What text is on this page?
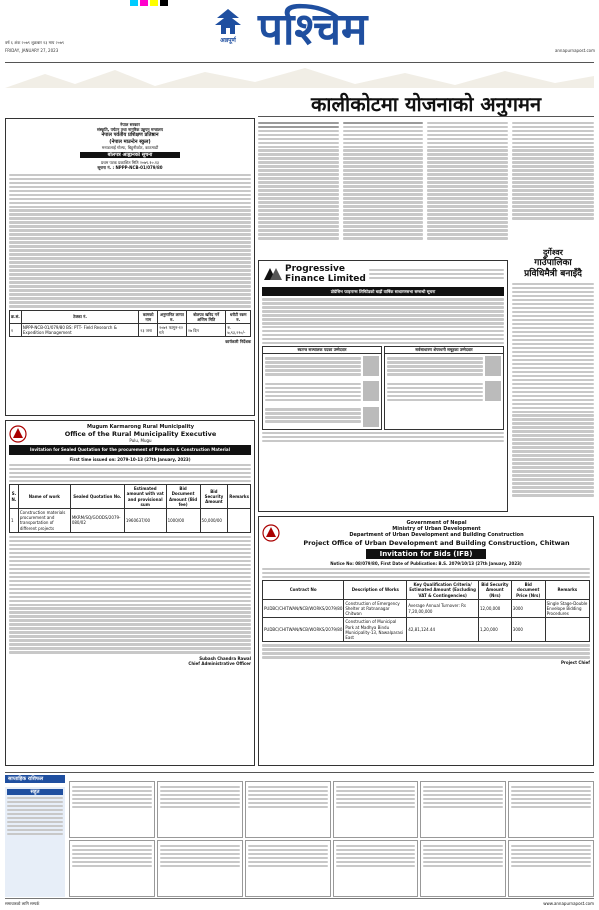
वर्ष ६ अंक २०७९ शुक्रबार १३ माघ २०७९
FRIDAY, JANUARY 27, 2023
अन्नपूर्ण पश्चिम	annapurnapost.com
कालीकोटमा योजनाको अनुगमन
नेपाल सरकार
संस्कृति, पर्यटन तथा नागरिक उड्डयन मन्त्रालय
नेपाल पर्वतीय प्रशिक्षण प्रतिष्ठान
(नेपाल माउन्टेन स्कुल)
मनाङलाई गोल्फ, बिहुनीकोट, काठमाडौं
बोलपत्र आह्वानको सूचना
प्रथम पटक प्रकाशित मिति २०७९.१०.१३
सूचना नं. : NPPP-NCB-01/079/80
क्र.सं.	ठेक्का नं.	कामको नाम	अनुमानित लागत रु.	बोलपत्र खरिद गर्ने अन्तिम मिति	धरौटी रकम रु.
१	NPPP-NCB-01/079/80 BS: PTT- Field Research & Expedition Management	२३ जना	२०७९ फागुन-१२ गते	२७ दिन	रु. ७,९३,२९०/-
कार्यकारी निर्देशक
दुर्गेश्वर
गाउँपालिका
प्रविधिमैत्री बनाइँदै
Progressive
Finance Limited
प्रोग्रेसिभ फाइनान्स लिमिटेडको बाह्रौं वार्षिक साधारणसभा सम्बन्धी सूचना
स्वतन्त्र सञ्चालक पदका उम्मेदवार	सर्वसाधारण शेयरधनी समूहका उम्मेदवार
Mugum Karmarong Rural Municipality
Office of the Rural Municipality Executive
Pulu, Mugu
Invitation for Sealed Quotation for the procurement of Products & Construction Material
First time issued on: 2079-10-13 (27th January, 2023)
S. N.	Name of work	Sealed Quotation No.	Estimated amount with vat and provisional sum	Bid Document Amount (Bid fee)	Bid Security Amount	Remarks
1	Construction materials procurement and transportation of different projects	MKRM/SQ/GOODS/2079-080/02	1960637/00	1000/00	50,000/00	
Subash Chandra Rawal
Chief Administrative Officer
Government of Nepal
Ministry of Urban Development
Department of Urban Development and Building Construction
Project Office of Urban Development and Building Construction, Chitwan
Invitation for Bids (IFB)
Notice No: 08/079/80, First Date of Publication: B.S. 2079/10/13 (27th January, 2023)
Contract No	Description of Works	Key Qualification Criteria/ Estimated Amount (Excluding VAT & Contingencies)	Bid Security Amount (Nrs)	Bid document Price (Nrs)	Remarks
PUDBC/CHITWAN/NCB/WORKS/2079/80	Construction of Emergency Shelter at Ratnanagar Chitwan	Average Annual Turnover: Rs 7,20,00,000	12,00,000	3000	Single Stage-Double Envelope Bidding Procedures
PUDBC/CHITWAN/NCB/WORKS/2079/80	Construction of Municipal Park at Madhya Bindu Municipality-13, Nawalparasi East	42,81,124.44	1,20,000	3000	
Project Chief
साप्ताहिक राशिफल
सहुत
समाचारको लागि सम्पर्क	www.annapurnapost.com
